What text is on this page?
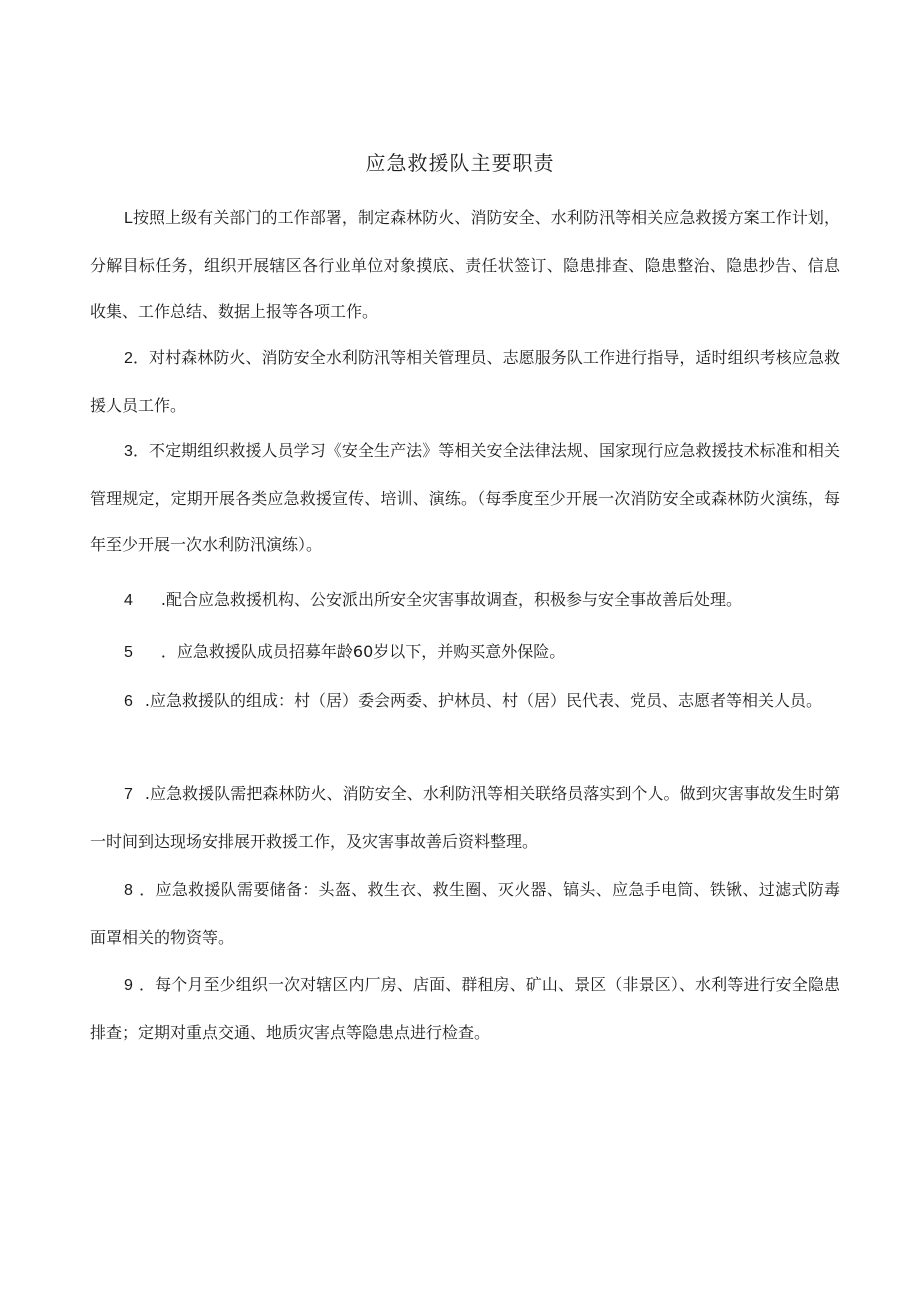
应急救援队主要职责

L按照上级有关部门的工作部署，制定森林防火、消防安全、水利防汛等相关应急救援方案工作计划，分解目标任务，组织开展辖区各行业单位对象摸底、责任状签订、隐患排查、隐患整治、隐患抄告、信息收集、工作总结、数据上报等各项工作。

2．对村森林防火、消防安全水利防汛等相关管理员、志愿服务队工作进行指导，适时组织考核应急救援人员工作。

3．不定期组织救援人员学习《安全生产法》等相关安全法律法规、国家现行应急救援技术标准和相关管理规定，定期开展各类应急救援宣传、培训、演练。（每季度至少开展一次消防安全或森林防火演练，每年至少开展一次水利防汛演练）。

4 .配合应急救援机构、公安派出所安全灾害事故调查，积极参与安全事故善后处理。

5 ．应急救援队成员招募年龄60岁以下，并购买意外保险。

6 .应急救援队的组成：村（居）委会两委、护林员、村（居）民代表、党员、志愿者等相关人员。

7 .应急救援队需把森林防火、消防安全、水利防汛等相关联络员落实到个人。做到灾害事故发生时第一时间到达现场安排展开救援工作，及灾害事故善后资料整理。

8 ．应急救援队需要储备：头盔、救生衣、救生圈、灭火器、镐头、应急手电筒、铁锹、过滤式防毒面罩相关的物资等。

9 ．每个月至少组织一次对辖区内厂房、店面、群租房、矿山、景区（非景区）、水利等进行安全隐患排查；定期对重点交通、地质灾害点等隐患点进行检查。
